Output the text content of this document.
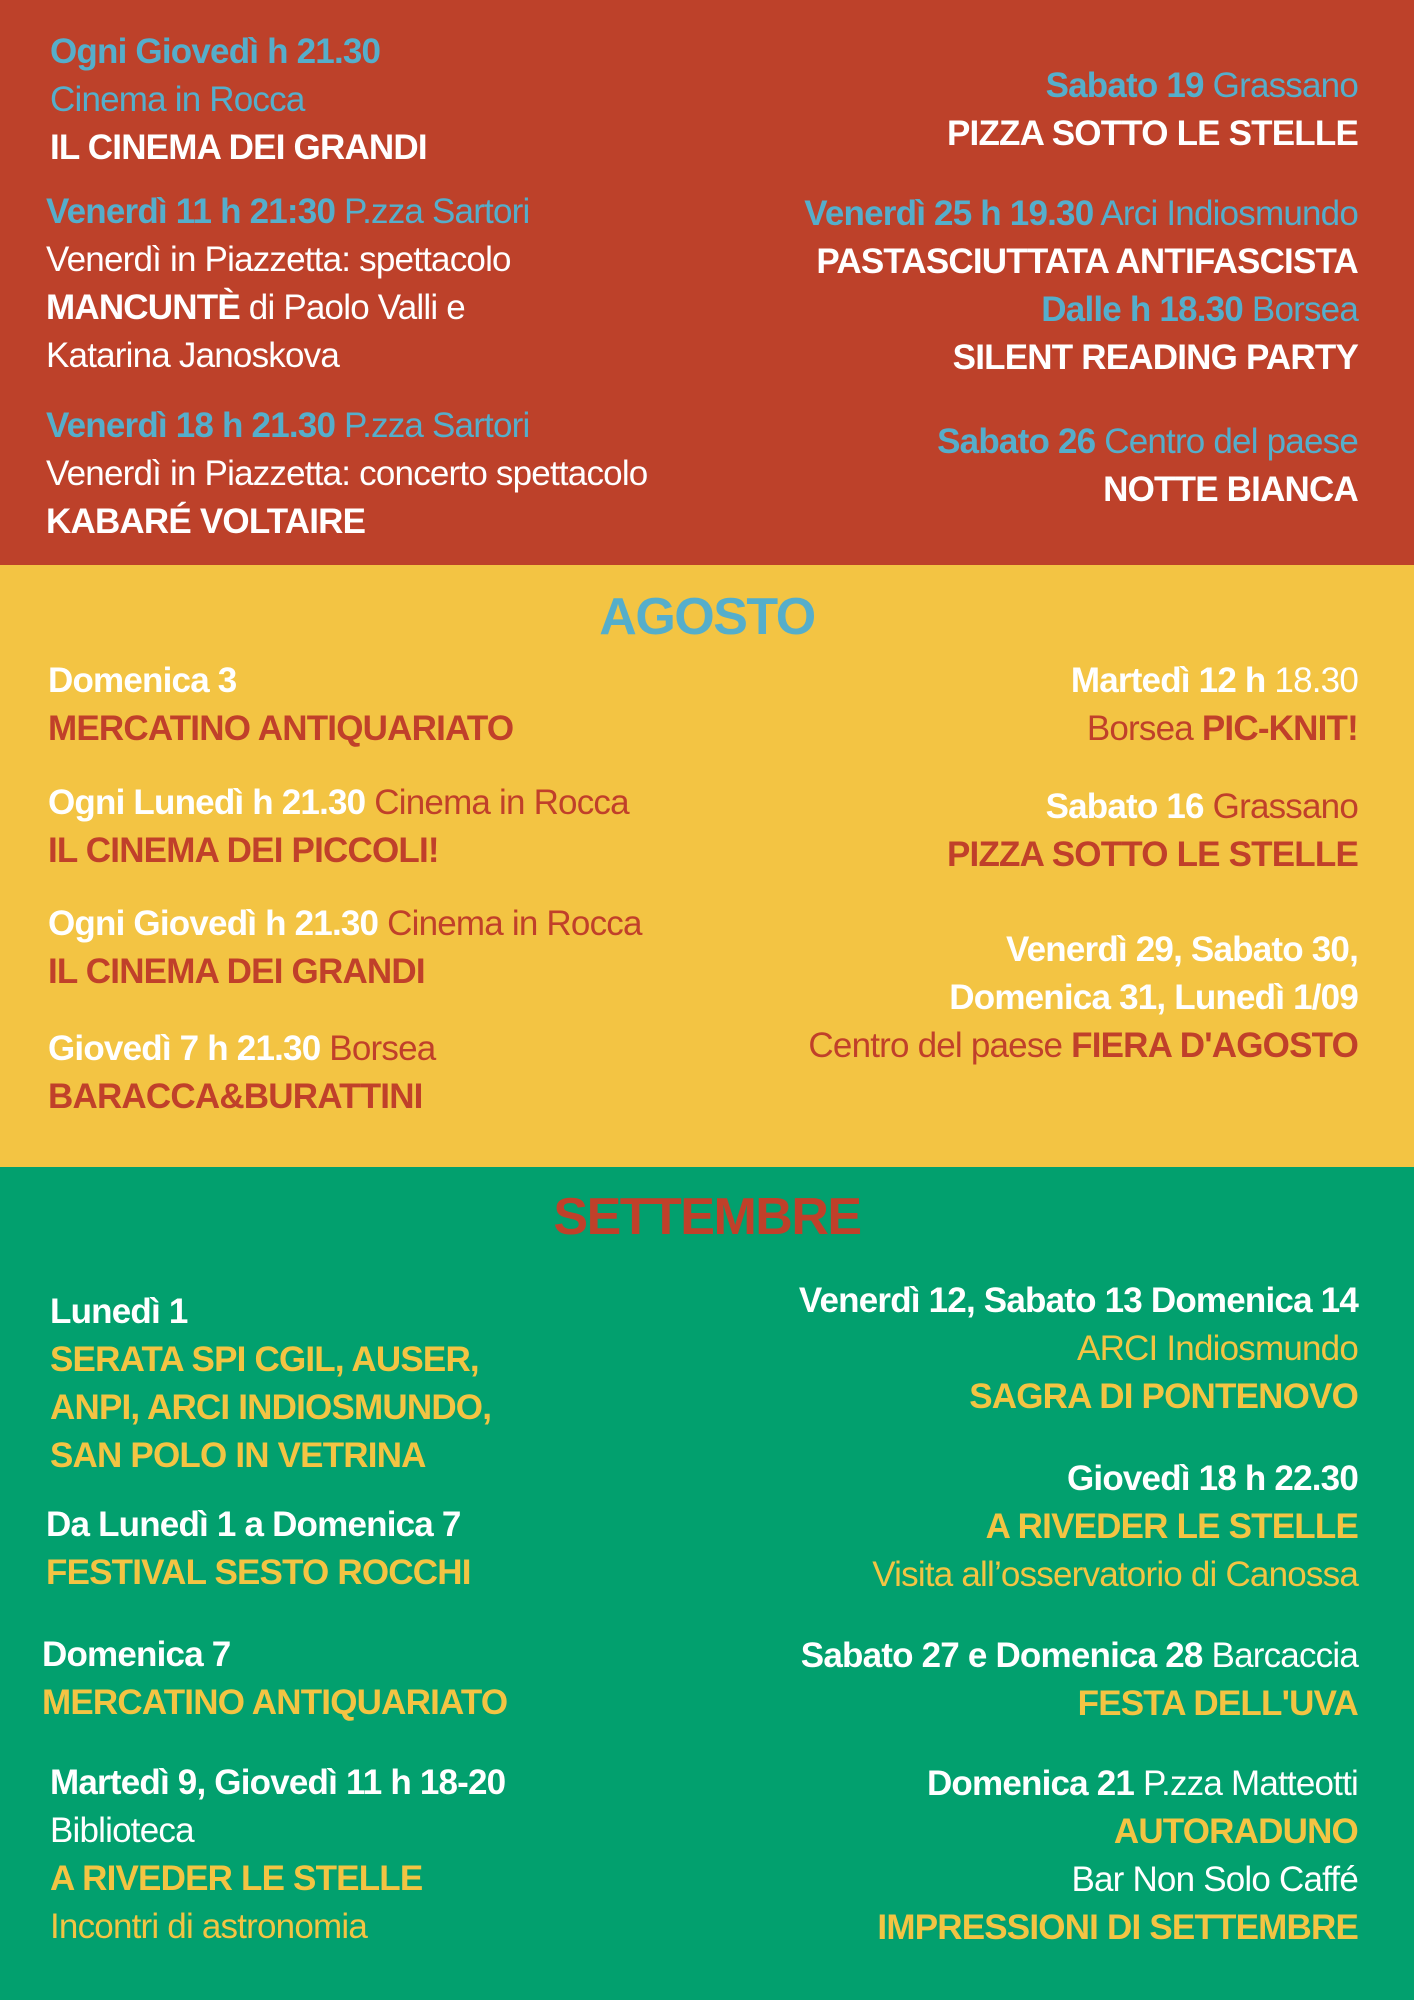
Ogni Giovedì h 21.30
Cinema in Rocca
IL CINEMA DEI GRANDI
Venerdì 11 h 21:30 P.zza Sartori
Venerdì in Piazzetta: spettacolo
MANCUNTÈ di Paolo Valli e
Katarina Janoskova
Venerdì 18 h 21.30 P.zza Sartori
Venerdì in Piazzetta: concerto spettacolo
KABARÉ VOLTAIRE
Sabato 19 Grassano
PIZZA SOTTO LE STELLE
Venerdì 25 h 19.30 Arci Indiosmundo
PASTASCIUTTATA ANTIFASCISTA
Dalle h 18.30 Borsea
SILENT READING PARTY
Sabato 26 Centro del paese
NOTTE BIANCA
AGOSTO
Domenica 3
MERCATINO ANTIQUARIATO
Ogni Lunedì h 21.30 Cinema in Rocca
IL CINEMA DEI PICCOLI!
Ogni Giovedì h 21.30 Cinema in Rocca
IL CINEMA DEI GRANDI
Giovedì 7 h 21.30 Borsea
BARACCA&BURATTINI
Martedì 12 h 18.30
Borsea PIC-KNIT!
Sabato 16 Grassano
PIZZA SOTTO LE STELLE
Venerdì 29, Sabato 30,
Domenica 31, Lunedì 1/09
Centro del paese FIERA D'AGOSTO
SETTEMBRE
Lunedì 1
SERATA SPI CGIL, AUSER,
ANPI, ARCI INDIOSMUNDO,
SAN POLO IN VETRINA
Da Lunedì 1 a Domenica 7
FESTIVAL SESTO ROCCHI
Domenica 7
MERCATINO ANTIQUARIATO
Martedì 9, Giovedì 11 h 18-20
Biblioteca
A RIVEDER LE STELLE
Incontri di astronomia
Venerdì 12, Sabato 13 Domenica 14
ARCI Indiosmundo
SAGRA DI PONTENOVO
Giovedì 18 h 22.30
A RIVEDER LE STELLE
Visita all’osservatorio di Canossa
Sabato 27 e Domenica 28 Barcaccia
FESTA DELL'UVA
Domenica 21 P.zza Matteotti
AUTORADUNO
Bar Non Solo Caffé
IMPRESSIONI DI SETTEMBRE
